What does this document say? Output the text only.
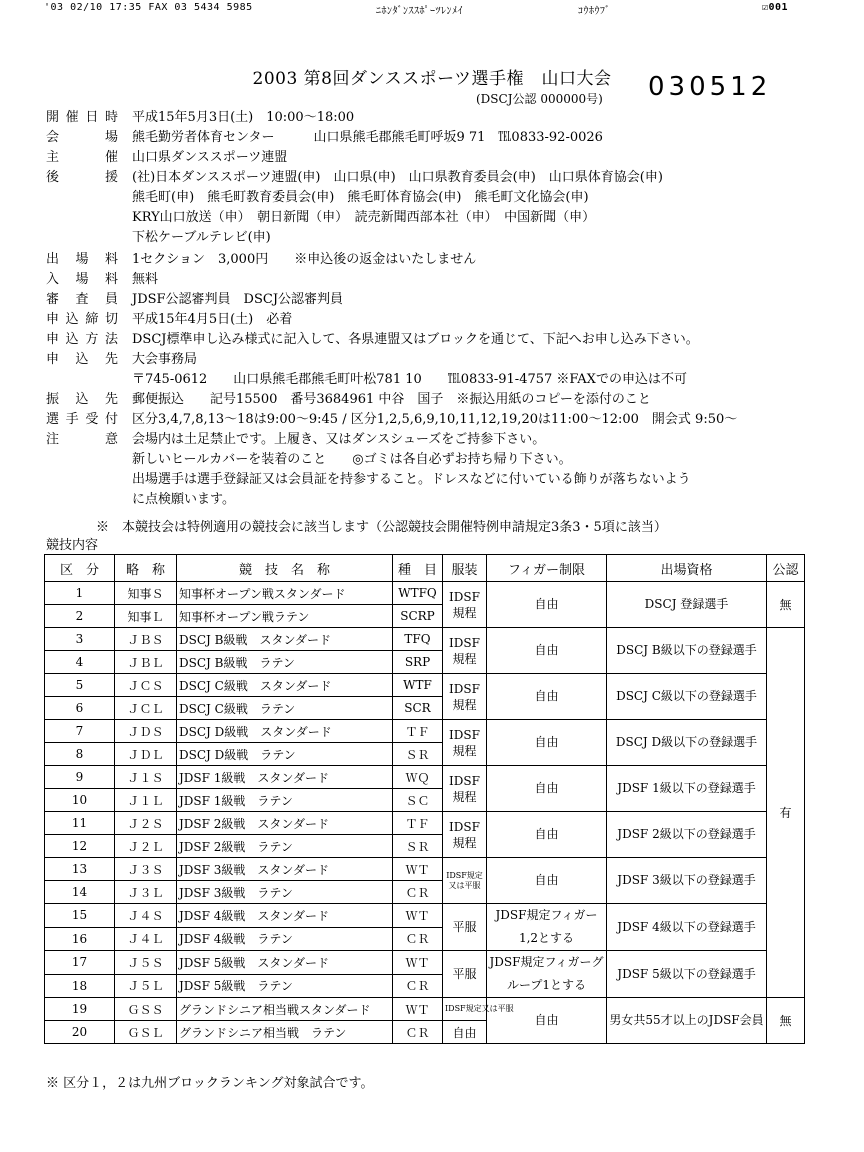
'03 02/10 17:35 FAX 03 5434 5985	ﾆﾎﾝﾀﾞﾝｽｽﾎﾟｰﾂﾚﾝﾒｲ	ｺｳﾎｳﾌﾞ	☑001
2003 第8回ダンススポーツ選手権　山口大会
(DSCJ公認 000000号) 030512
開催日時 平成15年5月3日(土)　10:00～18:00
会場 熊毛勤労者体育センター　　　山口県熊毛郡熊毛町呼坂9 71　℡0833-92-0026
主催 山口県ダンススポーツ連盟
後援 (社)日本ダンススポーツ連盟(申)　山口県(申)　山口県教育委員会(申)　山口県体育協会(申)
熊毛町(申)　熊毛町教育委員会(申)　熊毛町体育協会(申)　熊毛町文化協会(申)
KRY山口放送（申）　朝日新聞（申）　読売新聞西部本社（申）　中国新聞（申）
下松ケーブルテレビ(申)
出場料 1セクション　3,000円　　※申込後の返金はいたしません
入場料 無料
審査員 JDSF公認審判員　DSCJ公認審判員
申込締切 平成15年4月5日(土)　必着
申込方法 DSCJ標準申し込み様式に記入して、各県連盟又はブロックを通じて、下記へお申し込み下さい。
申込先 大会事務局
〒745-0612　　山口県熊毛郡熊毛町叶松781 10　　℡0833-91-4757 ※FAXでの申込は不可
振込先 郵便振込　　記号15500　番号3684961 中谷　国子　※振込用紙のコピーを添付のこと
選手受付 区分3,4,7,8,13～18は9:00～9:45 / 区分1,2,5,6,9,10,11,12,19,20は11:00～12:00　開会式 9:50～
注意 会場内は土足禁止です。上履き、又はダンスシューズをご持参下さい。
新しいヒールカバーを装着のこと　　◎ゴミは各自必ずお持ち帰り下さい。
出場選手は選手登録証又は会員証を持参すること。ドレスなどに付いている飾りが落ちないよう
に点検願います。
※　本競技会は特例適用の競技会に該当します（公認競技会開催特例申請規定3条3・5項に該当）
競技内容
区　分	略　称	競　技　名　称	種　目	服装	フィガー制限	出場資格	公認
1	知事Ｓ	知事杯オープン戦スタンダード	WTFQ	IDSF規程	自由	DSCJ 登録選手	無
2	知事Ｌ	知事杯オープン戦ラテン	SCRP				
3	ＪＢＳ	DSCJ B級戦　スタンダード	TFQ	IDSF規程	自由	DSCJ B級以下の登録選手	有
4	ＪＢＬ	DSCJ B級戦　ラテン	SRP				
5	ＪＣＳ	DSCJ C級戦　スタンダード	WTF	IDSF規程	自由	DSCJ C級以下の登録選手	
6	ＪＣＬ	DSCJ C級戦　ラテン	SCR				
7	ＪＤＳ	DSCJ D級戦　スタンダード	ＴＦ	IDSF規程	自由	DSCJ D級以下の登録選手	
8	ＪＤＬ	DSCJ D級戦　ラテン	ＳＲ				
9	Ｊ１Ｓ	JDSF 1級戦　スタンダード	ＷＱ	IDSF規程	自由	JDSF 1級以下の登録選手	
10	Ｊ１Ｌ	JDSF 1級戦　ラテン	ＳＣ				
11	Ｊ２Ｓ	JDSF 2級戦　スタンダード	ＴＦ	IDSF規程	自由	JDSF 2級以下の登録選手	
12	Ｊ２Ｌ	JDSF 2級戦　ラテン	ＳＲ				
13	Ｊ３Ｓ	JDSF 3級戦　スタンダード	ＷＴ	IDSF規定又は平服	自由	JDSF 3級以下の登録選手	
14	Ｊ３Ｌ	JDSF 3級戦　ラテン	ＣＲ				
15	Ｊ４Ｓ	JDSF 4級戦　スタンダード	ＷＴ	平服	JDSF規定フィガー1,2とする	JDSF 4級以下の登録選手	
16	Ｊ４Ｌ	JDSF 4級戦　ラテン	ＣＲ				
17	Ｊ５Ｓ	JDSF 5級戦　スタンダード	ＷＴ	平服	JDSF規定フィガーグループ1とする	JDSF 5級以下の登録選手	
18	Ｊ５Ｌ	JDSF 5級戦　ラテン	ＣＲ				
19	ＧＳＳ	グランドシニア相当戦スタンダード	ＷＴ	IDSF規定又は平服	自由	男女共55才以上のJDSF会員	無
20	ＧＳＬ	グランドシニア相当戦　ラテン	ＣＲ	自由			
※ 区分１，２は九州ブロックランキング対象試合です。
